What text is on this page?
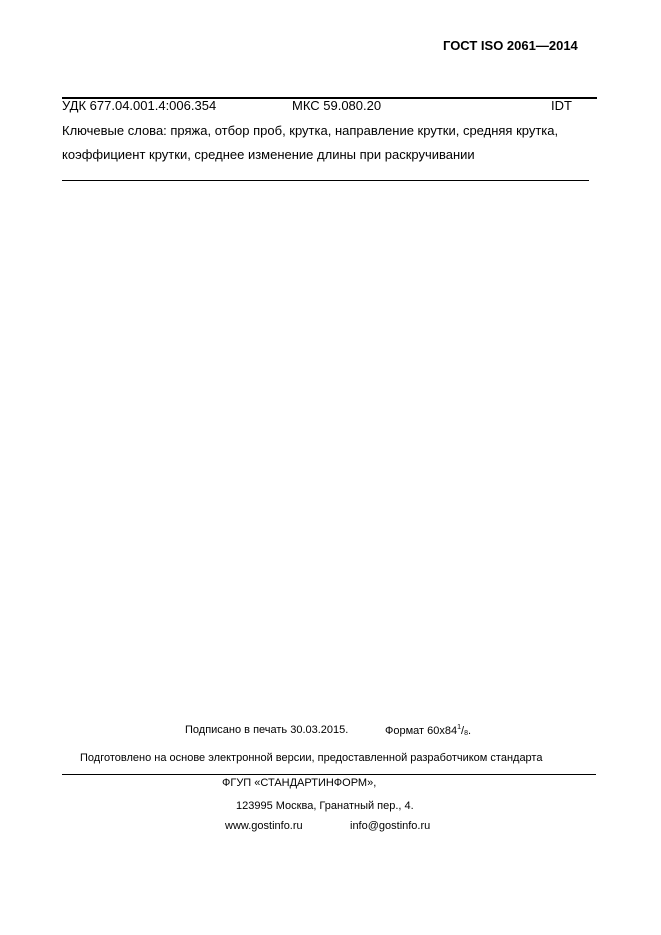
ГОСТ ISO 2061—2014
УДК 677.04.001.4:006.354	МКС 59.080.20	IDT
Ключевые слова: пряжа, отбор проб, крутка, направление крутки, средняя крутка,
коэффициент крутки, среднее изменение длины при раскручивании
Подписано в печать 30.03.2015.	Формат $60x84^1/_8$.
Подготовлено на основе электронной версии, предоставленной разработчиком стандарта
ФГУП «СТАНДАРТИНФОРМ»,
123995 Москва, Гранатный пер., 4.
www.gostinfo.ru	info@gostinfo.ru
